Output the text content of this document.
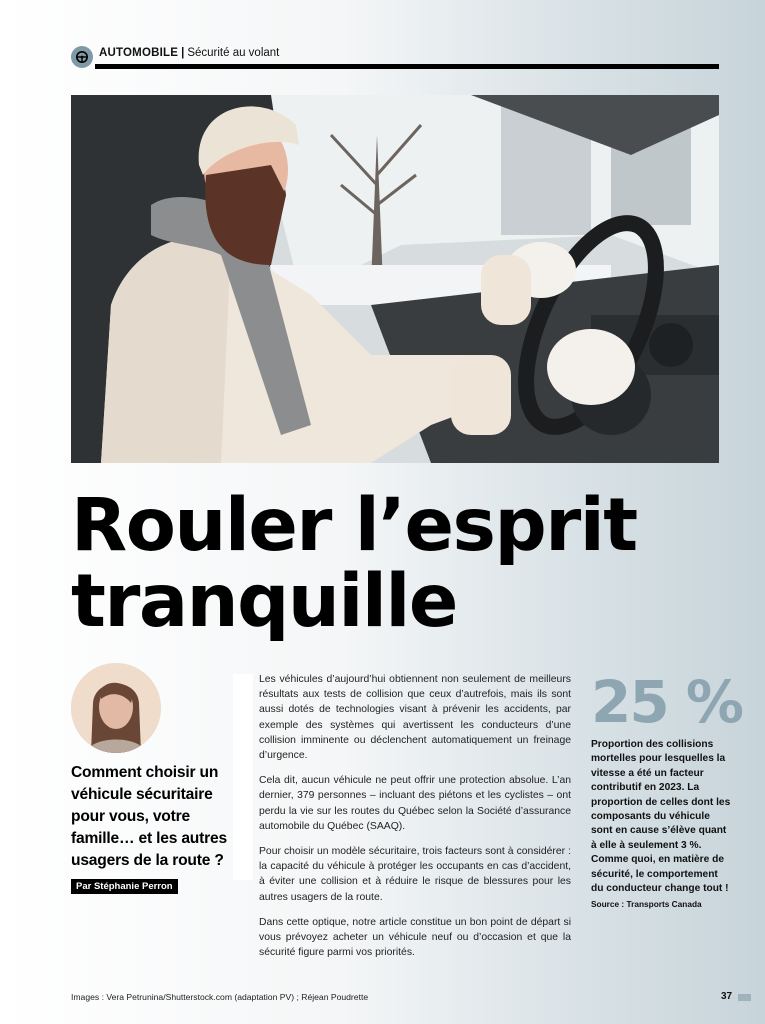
AUTOMOBILE | Sécurité au volant
Rouler l’esprit
tranquille
Comment choisir un véhicule sécuritaire pour vous, votre famille… et les autres usagers de la route ?
Par Stéphanie Perron

Les véhicules d’aujourd’hui obtiennent non seulement de meilleurs résultats aux tests de collision que ceux d’autrefois, mais ils sont aussi dotés de technologies visant à prévenir les accidents, par exemple des systèmes qui avertissent les conducteurs d’une collision imminente ou déclenchent automatiquement un freinage d’urgence.

Cela dit, aucun véhicule ne peut offrir une protection absolue. L’an dernier, 379 personnes – incluant des piétons et les cyclistes – ont perdu la vie sur les routes du Québec selon la Société d’assurance automobile du Québec (SAAQ).

Pour choisir un modèle sécuritaire, trois facteurs sont à considérer : la capacité du véhicule à protéger les occupants en cas d’accident, à éviter une collision et à réduire le risque de blessures pour les autres usagers de la route.

Dans cette optique, notre article constitue un bon point de départ si vous prévoyez acheter un véhicule neuf ou d’occasion et que la sécurité figure parmi vos priorités.

25 %
Proportion des collisions mortelles pour lesquelles la vitesse a été un facteur contributif en 2023. La proportion de celles dont les composants du véhicule sont en cause s’élève quant à elle à seulement 3 %. Comme quoi, en matière de sécurité, le comportement du conducteur change tout !
Source : Transports Canada
Images : Vera Petrunina/Shutterstock.com (adaptation PV) ; Réjean Poudrette	37
